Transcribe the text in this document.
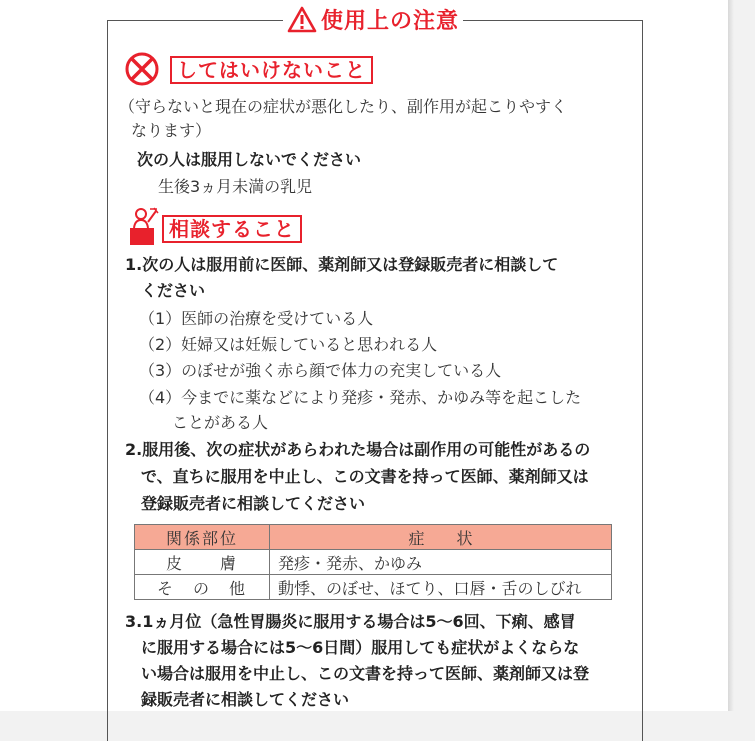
使用上の注意
してはいけないこと
（守らないと現在の症状が悪化したり、副作用が起こりやすく
なります）
次の人は服用しないでください
生後3ヵ月未満の乳児
相談すること
1.次の人は服用前に医師、薬剤師又は登録販売者に相談して
ください
（1）医師の治療を受けている人
（2）妊婦又は妊娠していると思われる人
（3）のぼせが強く赤ら顔で体力の充実している人
（4）今までに薬などにより発疹・発赤、かゆみ等を起こした
ことがある人
2.服用後、次の症状があらわれた場合は副作用の可能性があるの
で、直ちに服用を中止し、この文書を持って医師、薬剤師又は
登録販売者に相談してください
関係部位	症　　状
皮　　膚	発疹・発赤、かゆみ
そ　の　他	動悸、のぼせ、ほてり、口唇・舌のしびれ
3.1ヵ月位（急性胃腸炎に服用する場合は5～6回、下痢、感冒
に服用する場合には5～6日間）服用しても症状がよくならな
い場合は服用を中止し、この文書を持って医師、薬剤師又は登
録販売者に相談してください
